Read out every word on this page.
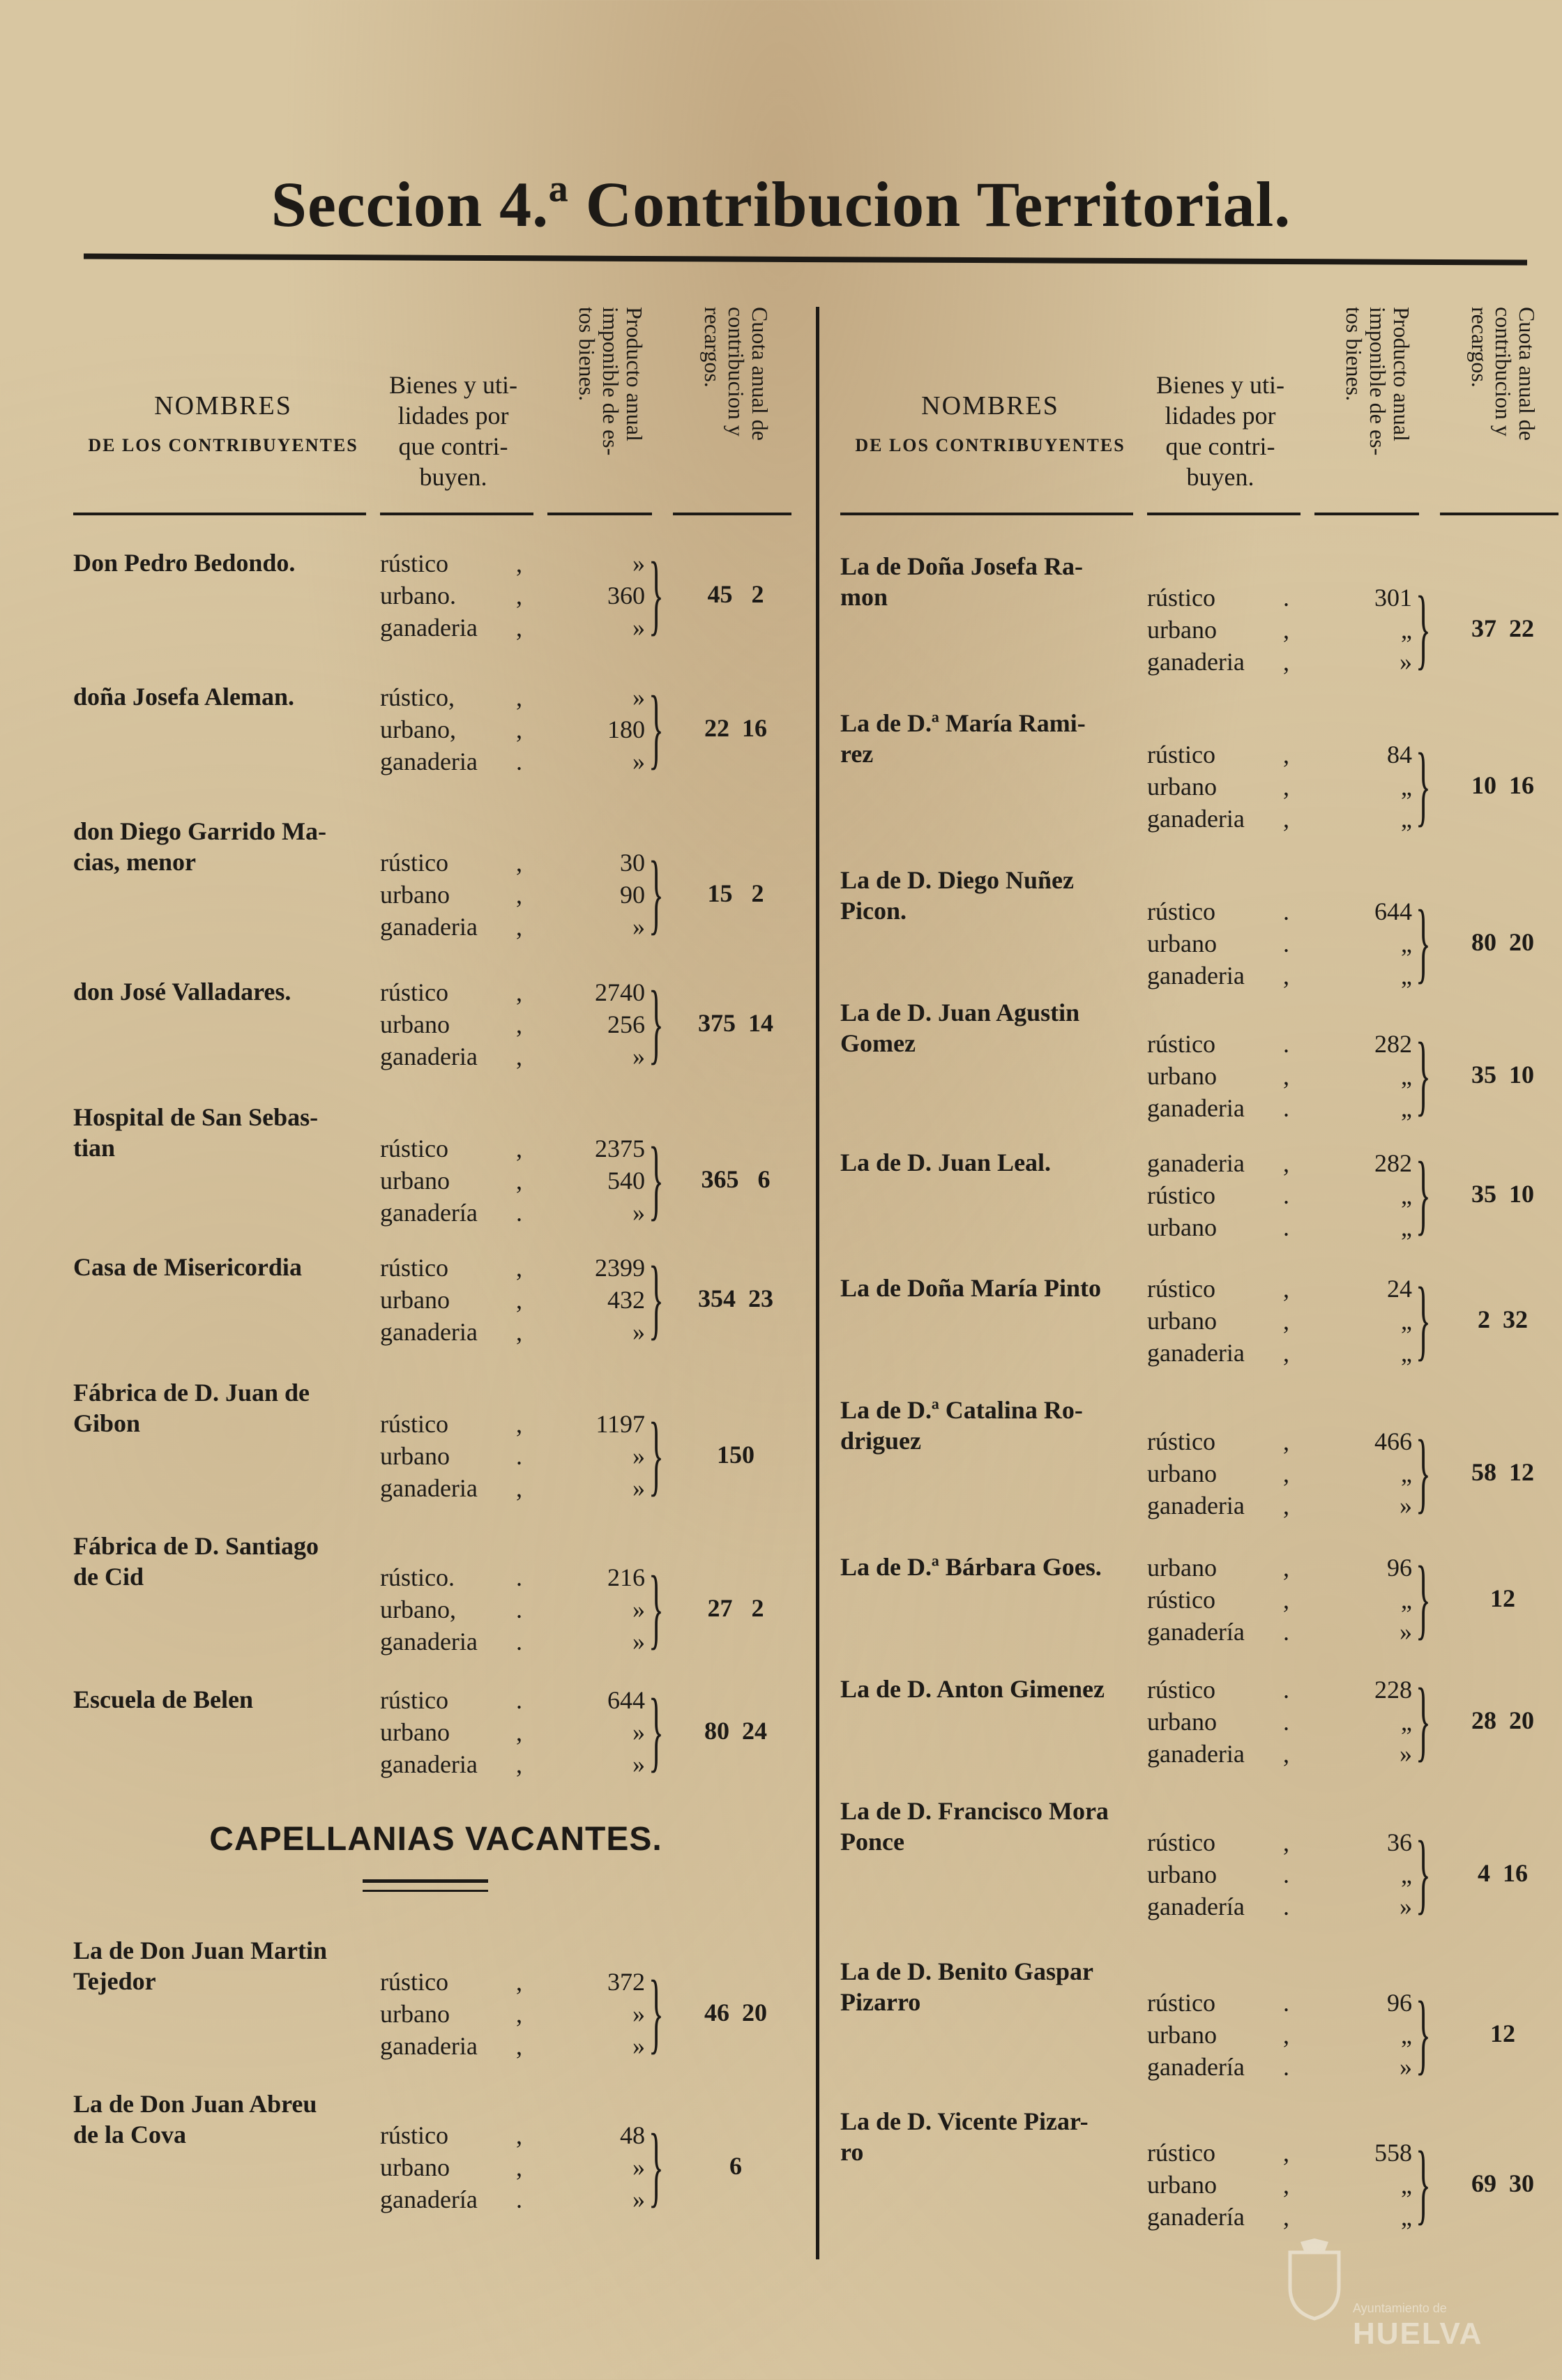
Seccion 4.ª Contribucion Territorial.
NOMBRES
DE LOS CONTRIBUYENTES
Bienes y uti-
lidades por
que contri-
buyen.
Producto anual
imponible de es-
tos bienes.
Cuota anual de
contribucion y
recargos.
CAPELLANIAS VACANTES.
Don Pedro Bedondo.	rústico	,	»
urbano. ,	360
ganaderia ,	» }	45   2
doña Josefa Aleman.	rústico, ,	»
urbano, ,	180
ganaderia .	» }	22  16
don Diego Garrido Ma-
cias, menor	rústico	,	30
urbano	,	90
ganaderia ,	» }	15   2
don José Valladares.	rústico	,	2740
urbano	,	256
ganaderia ,	» }	375  14
Hospital de San Sebas-
tian	rústico	,	2375
urbano	,	540
ganadería .	» }	365   6
Casa de Misericordia	rústico	,	2399
urbano	,	432
ganaderia ,	» }	354  23
Fábrica de D. Juan de
Gibon	rústico	,	1197
urbano	.	»
ganaderia ,	» }	150
Fábrica de D. Santiago
de Cid	rústico. .	216
urbano, .	»
ganaderia .	» }	27   2
Escuela de Belen	rústico	.	644
urbano	,	»
ganaderia ,	» }	80  24
La de Don Juan Martin
Tejedor	rústico	,	372
urbano	,	»
ganaderia ,	» }	46  20
La de Don Juan Abreu
de la Cova	rústico	,	48
urbano	,	»
ganadería .	» }	6
NOMBRES
DE LOS CONTRIBUYENTES
Bienes y uti-
lidades por
que contri-
buyen.
Producto anual
imponible de es-
tos bienes.
Cuota anual de
contribucion y
recargos.
La de Doña Josefa Ra-
mon	rústico	.	301
urbano	,	„
ganaderia ,	» }	37  22
La de D.ª María Rami-
rez	rústico	,	84
urbano	,	„
ganaderia ,	„ }	10  16
La de D. Diego Nuñez
Picon.	rústico	.	644
urbano	.	„
ganaderia ,	„ }	80  20
La de D. Juan Agustin
Gomez	rústico	.	282
urbano	,	„
ganaderia .	„ }	35  10
La de D. Juan Leal.	ganaderia ,	282
rústico	.	„
urbano	.	„ }	35  10
La de Doña María Pinto	rústico	,	24
urbano	,	„
ganaderia ,	„ }	2  32
La de D.ª Catalina Ro-
driguez	rústico	,	466
urbano	,	„
ganaderia ,	» }	58  12
La de D.ª Bárbara Goes.	urbano	,	96
rústico	,	„
ganadería .	» }	12
La de D. Anton Gimenez	rústico	.	228
urbano	.	„
ganaderia ,	» }	28  20
La de D. Francisco Mora
Ponce	rústico	,	36
urbano	.	„
ganadería .	» }	4  16
La de D. Benito Gaspar
Pizarro	rústico	.	96
urbano	,	„
ganadería .	» }	12
La de D. Vicente Pizar-
ro	rústico	,	558
urbano	,	„
ganadería ,	„ }	69  30
Ayuntamiento de
HUELVA
